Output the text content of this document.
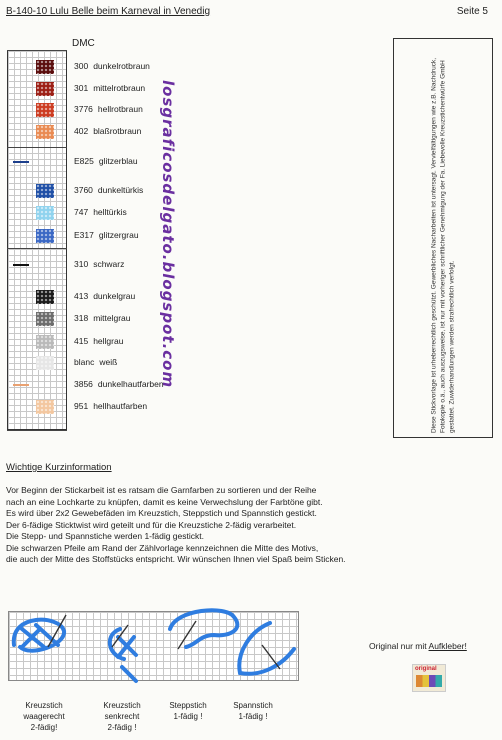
B-140-10 Lulu Belle beim Karneval in Venedig	Seite 5
DMC
300 dunkelrotbraun
301 mittelrotbraun
3776 hellrotbraun
402 blaßrotbraun
E825 glitzerblau
3760 dunkeltürkis
747 helltürkis
E317 glitzergrau
310 schwarz
413 dunkelgrau
318 mittelgrau
415 hellgrau
blanc weiß
3856 dunkelhautfarben
951 hellhautfarben
losgraficosdelgato.blogspot.com	Diese Stickvorlage ist urheberrechtlich geschützt. Gewerbliches Nacharbeiten ist untersagt. Vervielfältigungen wie z.B. Nachdruck, Fotokopie o.ä., auch auszugsweise, ist nur mit vorheriger schriftlicher Genehmigung der Fa. Liebevolle Kreuzstichentwürfe GmbH gestattet. Zuwiderhandlungen werden strafrechtlich verfolgt.
Wichtige Kurzinformation

Vor Beginn der Stickarbeit ist es ratsam die Garnfarben zu sortieren und der Reihe

nach an eine Lochkarte zu knüpfen, damit es keine Verwechslung der Farbtöne gibt.

Es wird über 2x2 Gewebefäden im Kreuzstich, Steppstich und Spannstich gestickt.

Der 6-fädige Sticktwist wird geteilt und für die Kreuzstiche 2-fädig verarbeitet.

Die Stepp- und Spannstiche werden 1-fädig gestickt.

Die schwarzen Pfeile am Rand der Zählvorlage kennzeichnen die Mitte des Motivs,

die auch der Mitte des Stoffstücks entspricht. Wir wünschen Ihnen viel Spaß beim Sticken.

Kreuzstich waagerecht
2-fädig!
Kreuzstich senkrecht
2-fädig !
Steppstich
1-fädig !
Spannstich
1-fädig !
Original nur mit Aufkleber!
original
